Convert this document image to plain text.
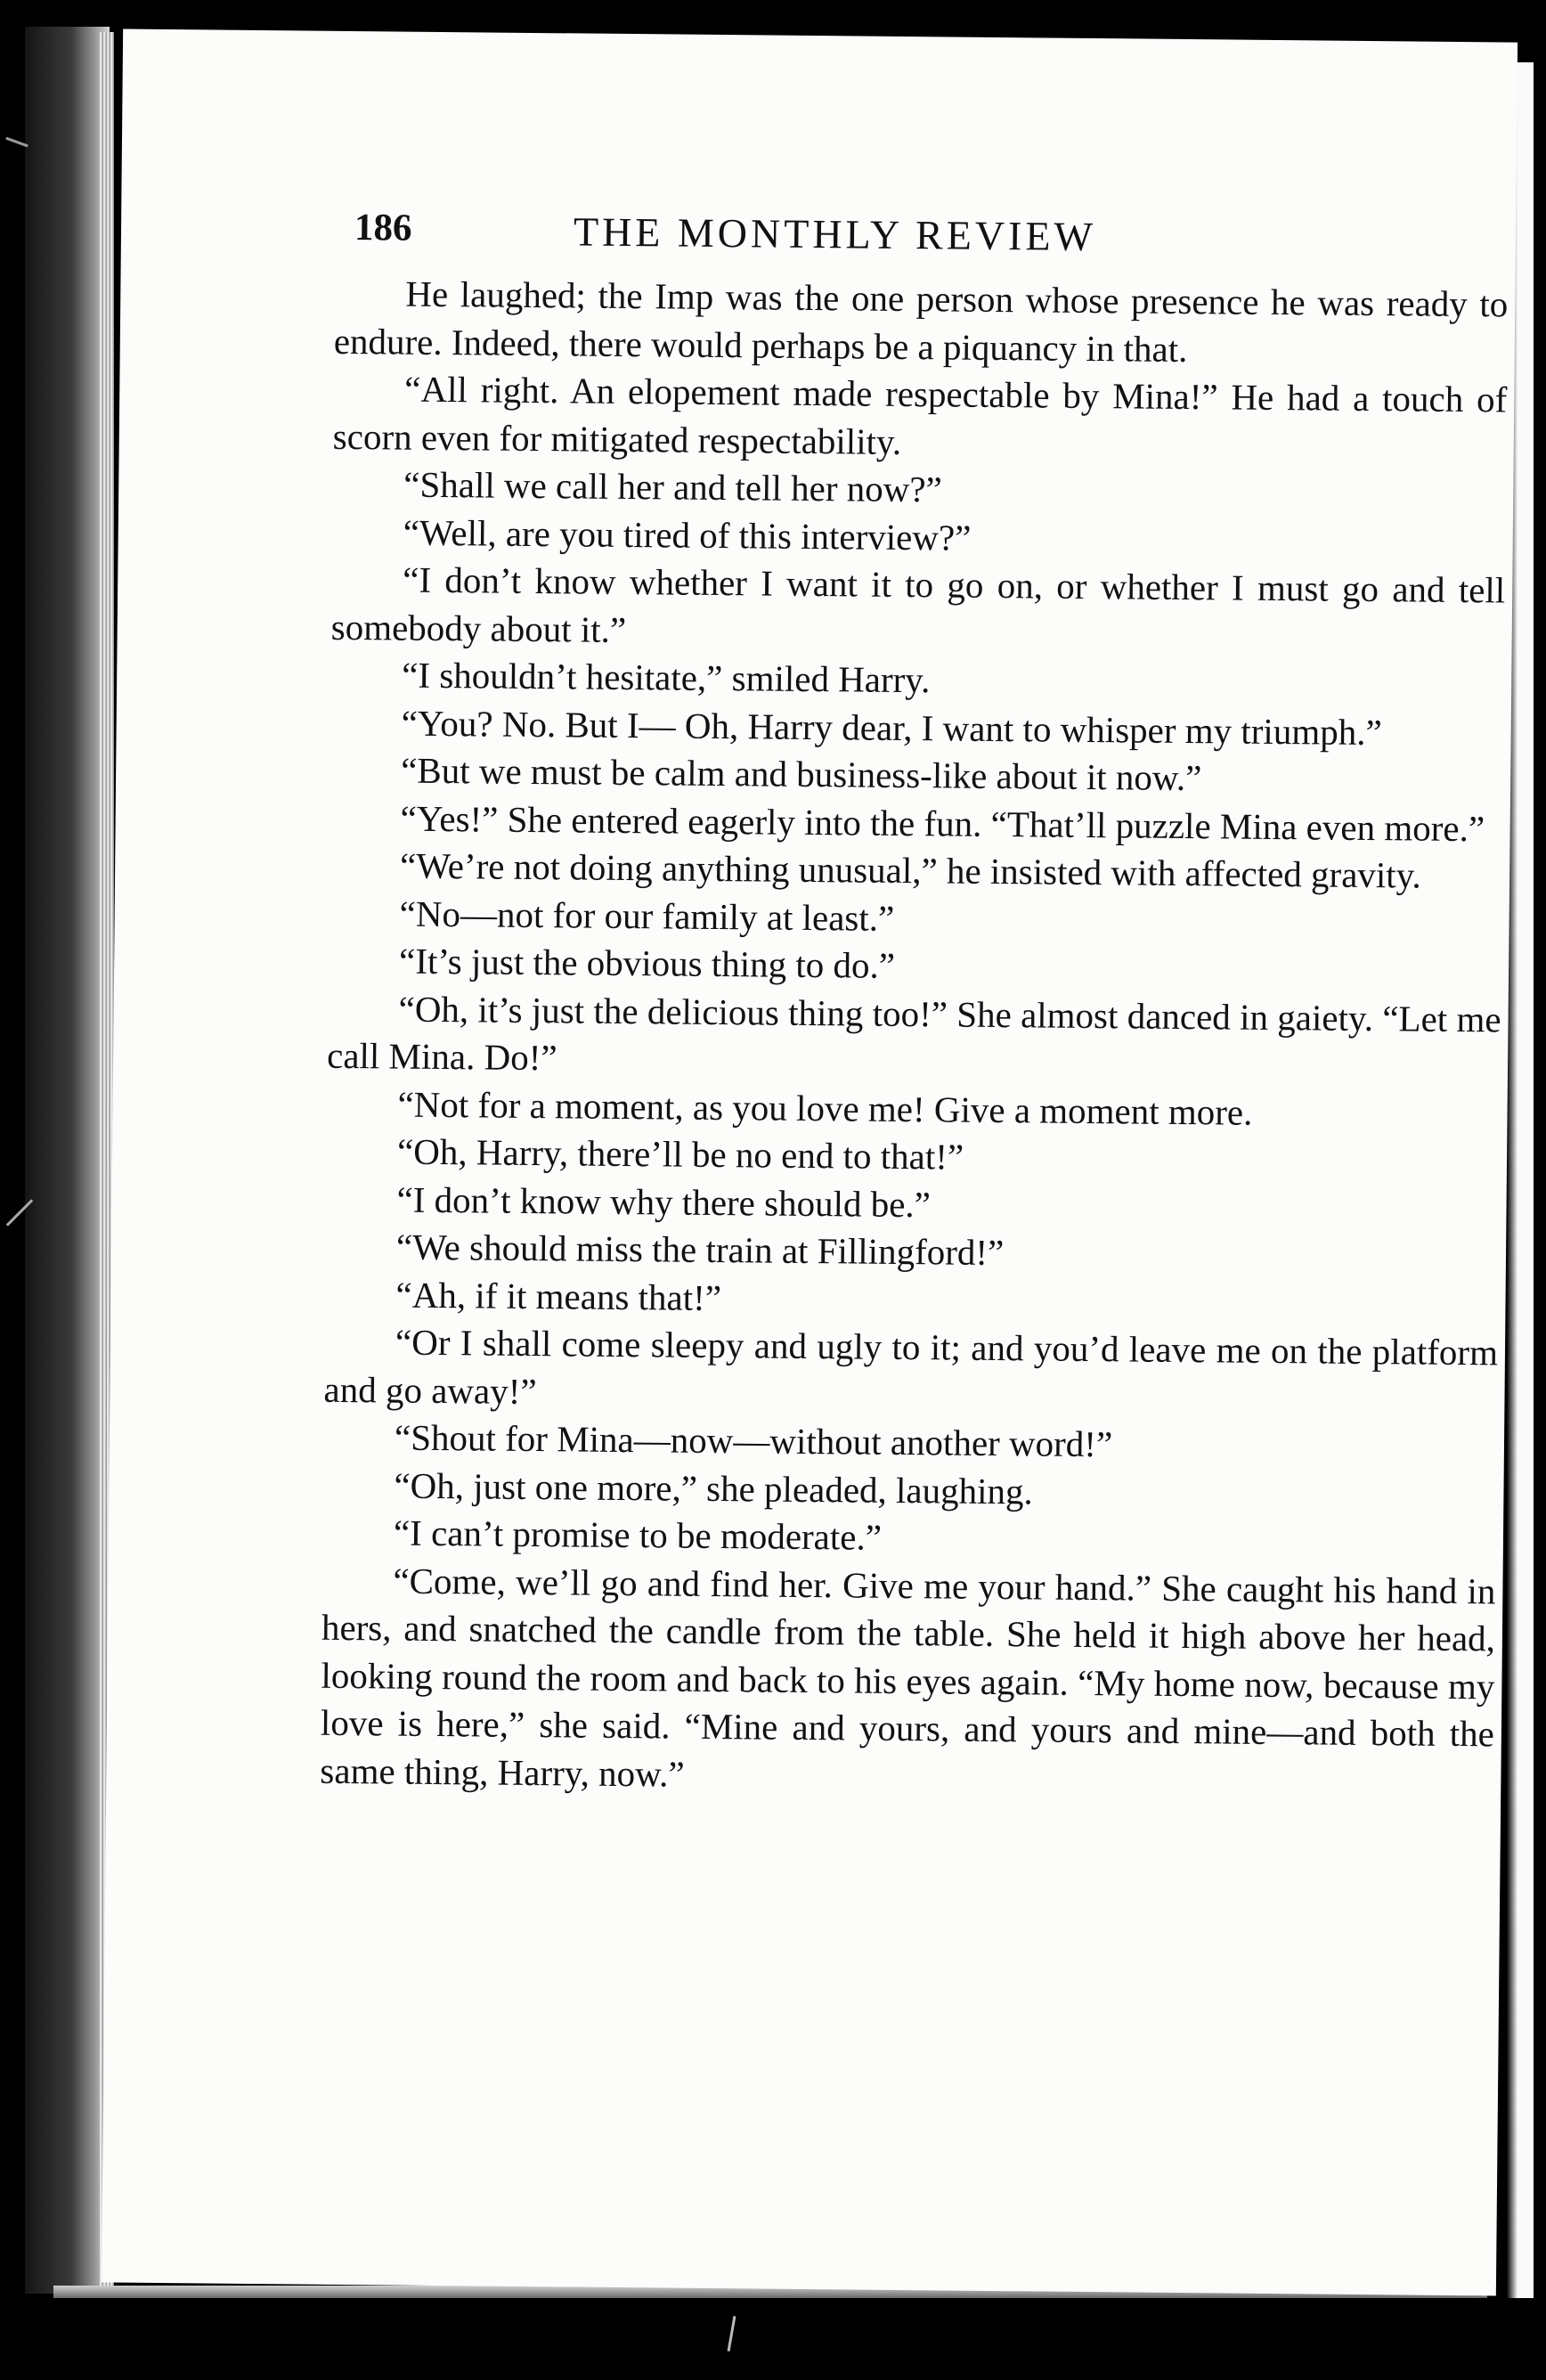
186	THE MONTHLY REVIEW

He laughed; the Imp was the one person whose presence he was ready to endure. Indeed, there would perhaps be a piquancy in that.

“All right. An elopement made respectable by Mina!” He had a touch of scorn even for mitigated respectability.

“Shall we call her and tell her now?”

“Well, are you tired of this interview?”

“I don’t know whether I want it to go on, or whether I must go and tell somebody about it.”

“I shouldn’t hesitate,” smiled Harry.

“You? No. But I— Oh, Harry dear, I want to whisper my triumph.”

“But we must be calm and business-like about it now.”

“Yes!” She entered eagerly into the fun. “That’ll puzzle Mina even more.”

“We’re not doing anything unusual,” he insisted with affected gravity.

“No—not for our family at least.”

“It’s just the obvious thing to do.”

“Oh, it’s just the delicious thing too!” She almost danced in gaiety. “Let me call Mina. Do!”

“Not for a moment, as you love me! Give a moment more.

“Oh, Harry, there’ll be no end to that!”

“I don’t know why there should be.”

“We should miss the train at Fillingford!”

“Ah, if it means that!”

“Or I shall come sleepy and ugly to it; and you’d leave me on the platform and go away!”

“Shout for Mina—now—without another word!”

“Oh, just one more,” she pleaded, laughing.

“I can’t promise to be moderate.”

“Come, we’ll go and find her. Give me your hand.” She caught his hand in hers, and snatched the candle from the table. She held it high above her head, looking round the room and back to his eyes again. “My home now, because my love is here,” she said. “Mine and yours, and yours and mine—and both the same thing, Harry, now.”
